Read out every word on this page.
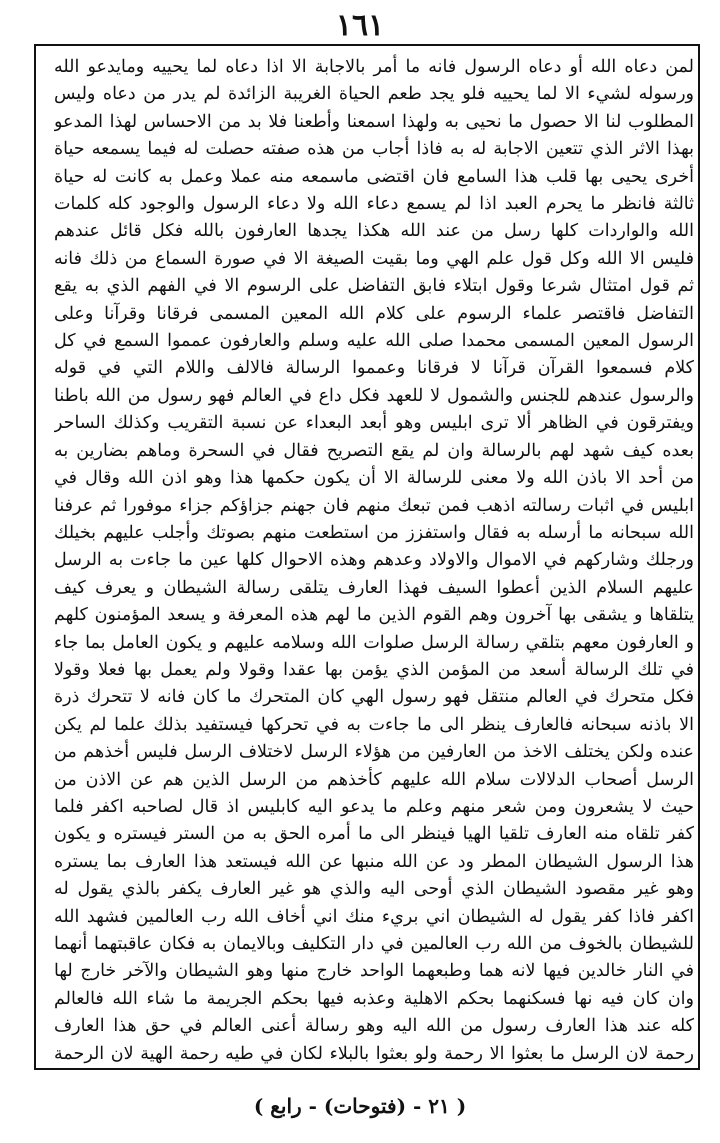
١٦١
لمن دعاه الله أو دعاه الرسول فانه ما أمر بالاجابة الا اذا دعاه لما يحييه ومايدعو الله ورسوله لشيء الا لما يحييه فلو يجد طعم الحياة الغريبة الزائدة لم يدر من دعاه وليس المطلوب لنا الا حصول ما نحيى به ولهذا اسمعنا وأطعنا فلا بد من الاحساس لهذا المدعو بهذا الاثر الذي تتعين الاجابة له به فاذا أجاب من هذه صفته حصلت له فيما يسمعه حياة أخرى يحيى بها قلب هذا السامع فان اقتضى ماسمعه منه عملا وعمل به كانت له حياة ثالثة فانظر ما يحرم العبد اذا لم يسمع دعاء الله ولا دعاء الرسول والوجود كله كلمات الله والواردات كلها رسل من عند الله هكذا يجدها العارفون بالله فكل قائل عندهم فليس الا الله وكل قول علم الهي وما بقيت الصيغة الا في صورة السماع من ذلك فانه ثم قول امتثال شرعا وقول ابتلاء فابق التفاضل على الرسوم الا في الفهم الذي به يقع التفاضل فاقتصر علماء الرسوم على كلام الله المعين المسمى فرقانا وقرآنا وعلى الرسول المعين المسمى محمدا صلى الله عليه وسلم والعارفون عمموا السمع في كل كلام فسمعوا القرآن قرآنا لا فرقانا وعمموا الرسالة فالالف واللام التي في قوله والرسول عندهم للجنس والشمول لا للعهد فكل داع في العالم فهو رسول من الله باطنا ويفترقون في الظاهر ألا ترى ابليس وهو أبعد البعداء عن نسبة التقريب وكذلك الساحر بعده كيف شهد لهم بالرسالة وان لم يقع التصريح فقال في السحرة وماهم بضارين به من أحد الا باذن الله ولا معنى للرسالة الا أن يكون حكمها هذا وهو اذن الله وقال في ابليس في اثبات رسالته اذهب فمن تبعك منهم فان جهنم جزاؤكم جزاء موفورا ثم عرفنا الله سبحانه ما أرسله به فقال واستفزز من استطعت منهم بصوتك وأجلب عليهم بخيلك ورجلك وشاركهم في الاموال والاولاد وعدهم وهذه الاحوال كلها عين ما جاءت به الرسل عليهم السلام الذين أعطوا السيف فهذا العارف يتلقى رسالة الشيطان و يعرف كيف يتلقاها و يشقى بها آخرون وهم القوم الذين ما لهم هذه المعرفة و يسعد المؤمنون كلهم و العارفون معهم بتلقي رسالة الرسل صلوات الله وسلامه عليهم و يكون العامل بما جاء في تلك الرسالة أسعد من المؤمن الذي يؤمن بها عقدا وقولا ولم يعمل بها فعلا وقولا فكل متحرك في العالم منتقل فهو رسول الهي كان المتحرك ما كان فانه لا تتحرك ذرة الا باذنه سبحانه فالعارف ينظر الى ما جاءت به في تحركها فيستفيد بذلك علما لم يكن عنده ولكن يختلف الاخذ من العارفين من هؤلاء الرسل لاختلاف الرسل فليس أخذهم من الرسل أصحاب الدلالات سلام الله عليهم كأخذهم من الرسل الذين هم عن الاذن من حيث لا يشعرون ومن شعر منهم وعلم ما يدعو اليه كابليس اذ قال لصاحبه اكفر فلما كفر تلقاه منه العارف تلقيا الهيا فينظر الى ما أمره الحق به من الستر فيستره و يكون هذا الرسول الشيطان المطر ود عن الله منبها عن الله فيستعد هذا العارف بما يستره وهو غير مقصود الشيطان الذي أوحى اليه والذي هو غير العارف يكفر بالذي يقول له اكفر فاذا كفر يقول له الشيطان اني بريء منك اني أخاف الله رب العالمين فشهد الله للشيطان بالخوف من الله رب العالمين في دار التكليف وبالايمان به فكان عاقبتهما أنهما في النار خالدين فيها لانه هما وطبعهما الواحد خارج منها وهو الشيطان والآخر خارج لها وان كان فيه نها فسكنهما بحكم الاهلية وعذبه فيها بحكم الجريمة ما شاء الله فالعالم كله عند هذا العارف رسول من الله اليه وهو رسالة أعنى العالم في حق هذا العارف رحمة لان الرسل ما بعثوا الا رحمة ولو بعثوا بالبلاء لكان في طيه رحمة الهية لان الرحمة
( ٢١ - (فتوحات) - رابع )
